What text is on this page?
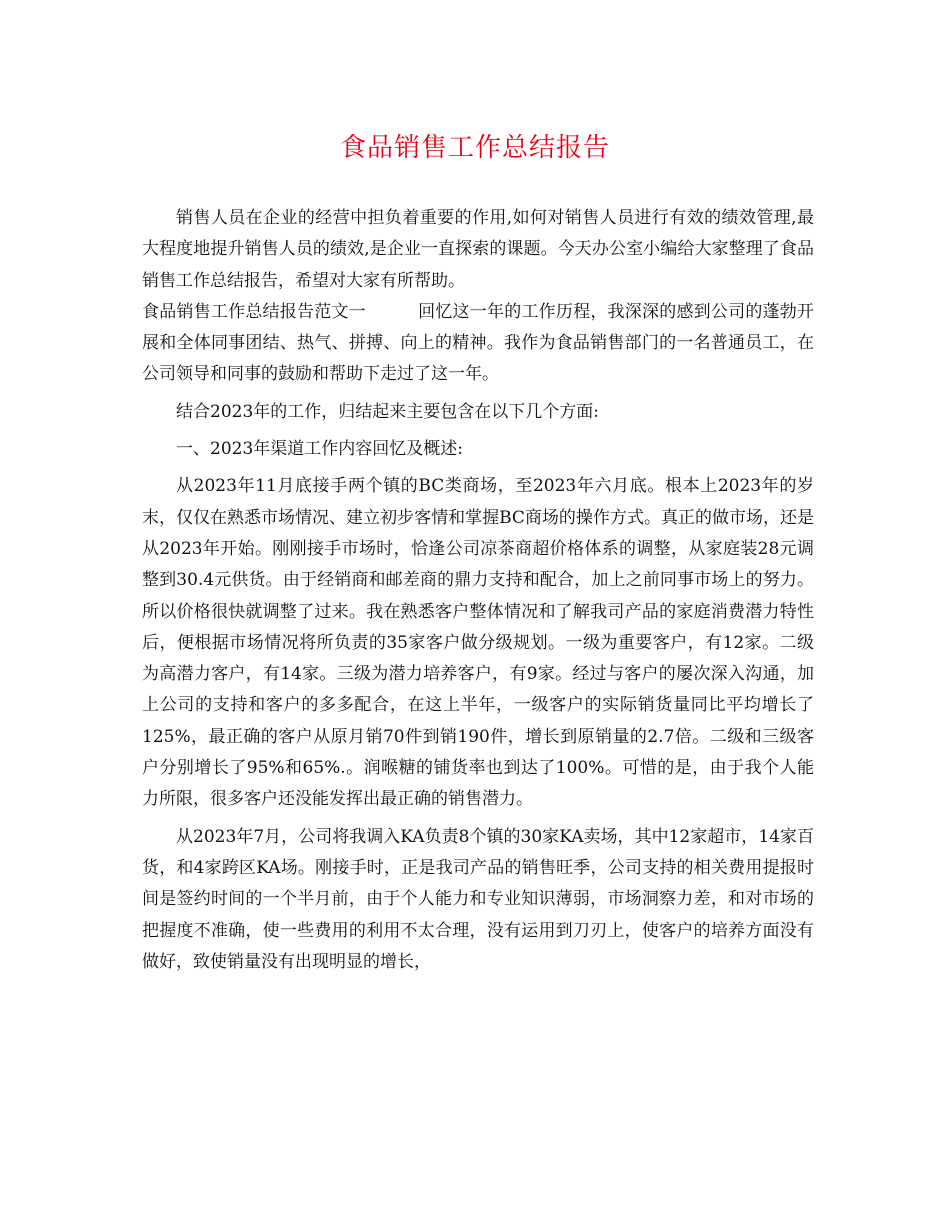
食品销售工作总结报告

销售人员在企业的经营中担负着重要的作用,如何对销售人员进行有效的绩效管理,最大程度地提升销售人员的绩效,是企业一直探索的课题。今天办公室小编给大家整理了食品销售工作总结报告，希望对大家有所帮助。

食品销售工作总结报告范文一	回忆这一年的工作历程，我深深的感到公司的蓬勃开展和全体同事团结、热气、拼搏、向上的精神。我作为食品销售部门的一名普通员工，在公司领导和同事的鼓励和帮助下走过了这一年。

结合2023年的工作，归结起来主要包含在以下几个方面:

一、2023年渠道工作内容回忆及概述:

从2023年11月底接手两个镇的BC类商场，至2023年六月底。根本上2023年的岁末，仅仅在熟悉市场情况、建立初步客情和掌握BC商场的操作方式。真正的做市场，还是从2023年开始。刚刚接手市场时，恰逢公司凉茶商超价格体系的调整，从家庭装28元调整到30.4元供货。由于经销商和邮差商的鼎力支持和配合，加上之前同事市场上的努力。所以价格很快就调整了过来。我在熟悉客户整体情况和了解我司产品的家庭消费潜力特性后，便根据市场情况将所负责的35家客户做分级规划。一级为重要客户，有12家。二级为高潜力客户，有14家。三级为潜力培养客户，有9家。经过与客户的屡次深入沟通，加上公司的支持和客户的多多配合，在这上半年，一级客户的实际销货量同比平均增长了125%，最正确的客户从原月销70件到销190件，增长到原销量的2.7倍。二级和三级客户分别增长了95%和65%.。润喉糖的铺货率也到达了100%。可惜的是，由于我个人能力所限，很多客户还没能发挥出最正确的销售潜力。

从2023年7月，公司将我调入KA负责8个镇的30家KA卖场，其中12家超市，14家百货，和4家跨区KA场。刚接手时，正是我司产品的销售旺季，公司支持的相关费用提报时间是签约时间的一个半月前，由于个人能力和专业知识薄弱，市场洞察力差，和对市场的把握度不准确，使一些费用的利用不太合理，没有运用到刀刃上，使客户的培养方面没有做好，致使销量没有出现明显的增长，
